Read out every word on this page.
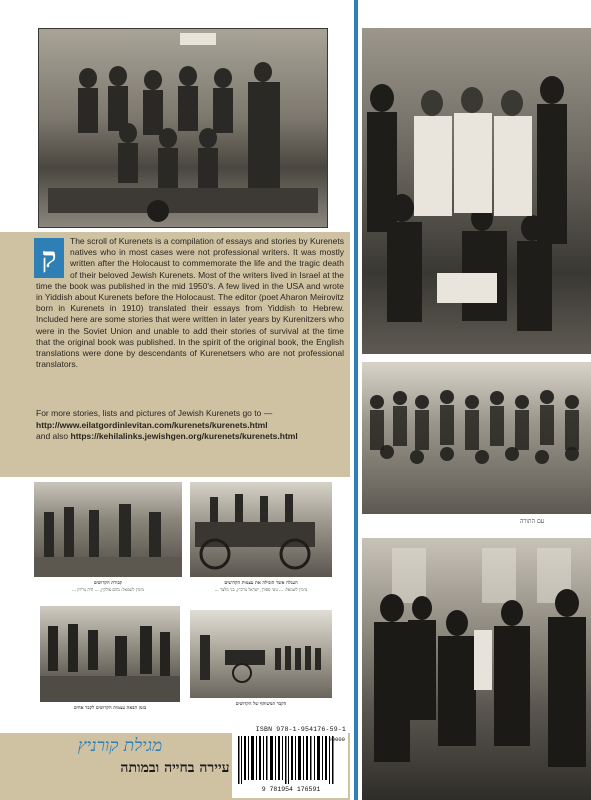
ק	The scroll of Kurenets is a compilation of essays and stories by Kurenets natives who in most cases were not professional writers. It was mostly written after the Holocaust to commemorate the life and the tragic death of their beloved Jewish Kurenets. Most of the writers lived in Israel at the time the book was published in the mid 1950's. A few lived in the USA and wrote in Yiddish about Kurenets before the Holocaust. The editor (poet Aharon Meirovitz born in Kurenets in 1910) translated their essays from Yiddish to Hebrew. Included here are some stories that were written in later years by Kurenitzers who were in the Soviet Union and unable to add their stories of survival at the time that the original book was published. In the spirit of the original book, the English translations were done by descendants of Kurenetsers who are not professional translators.
For more stories, lists and pictures of Jewish Kurenets go to —
http://www.eilatgordinlevitan.com/kurenets/kurenets.html
and also https://kehilalinks.jewishgen.org/kurenets/kurenets.html
קבורת הקדושים
מימין לשמאל: נחום צולקין, ... חיה גורדון ...
העגלה אשר הובילה את עצמות הקדושים
מימין לשמאל: ... נוטי ספורן, ישראל גורביץ, בני מלצר ...
בזמן הבאת עצמות הקדושים לקבר אחים
הקבר המשותף של הקדושים
מגילת קורניץ
עיירה בחייה ובמותה
ISBN 978-1-954176-59-1
90000
9 781954 176591
עם התורה
